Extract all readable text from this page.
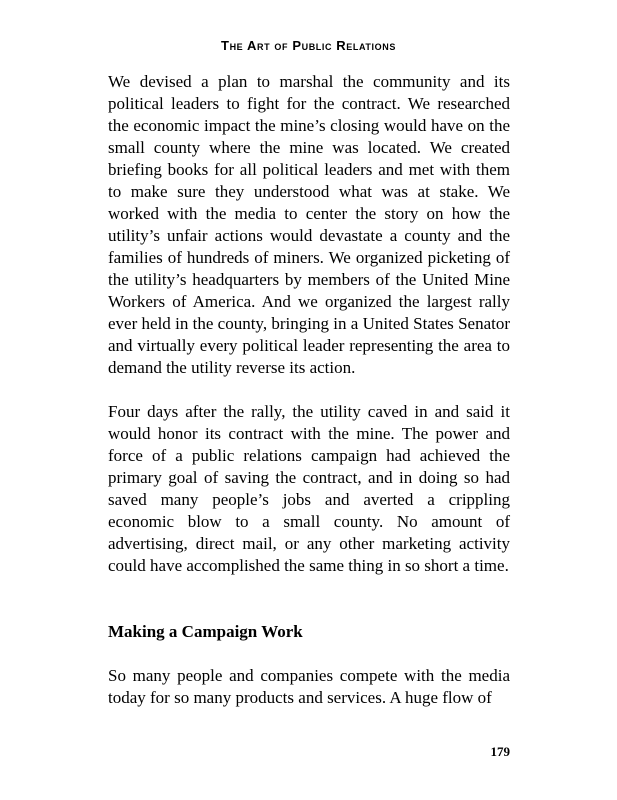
The Art of Public Relations

We devised a plan to marshal the community and its political leaders to fight for the contract. We researched the economic impact the mine’s closing would have on the small county where the mine was located. We created briefing books for all political leaders and met with them to make sure they understood what was at stake. We worked with the media to center the story on how the utility’s unfair actions would devastate a county and the families of hundreds of miners. We organized picketing of the utility’s headquarters by members of the United Mine Workers of America. And we organized the largest rally ever held in the county, bringing in a United States Senator and virtually every political leader representing the area to demand the utility reverse its action.

Four days after the rally, the utility caved in and said it would honor its contract with the mine. The power and force of a public relations campaign had achieved the primary goal of saving the contract, and in doing so had saved many people’s jobs and averted a crippling economic blow to a small county. No amount of advertising, direct mail, or any other marketing activity could have accomplished the same thing in so short a time.

Making a Campaign Work

So many people and companies compete with the media today for so many products and services. A huge flow of

179
